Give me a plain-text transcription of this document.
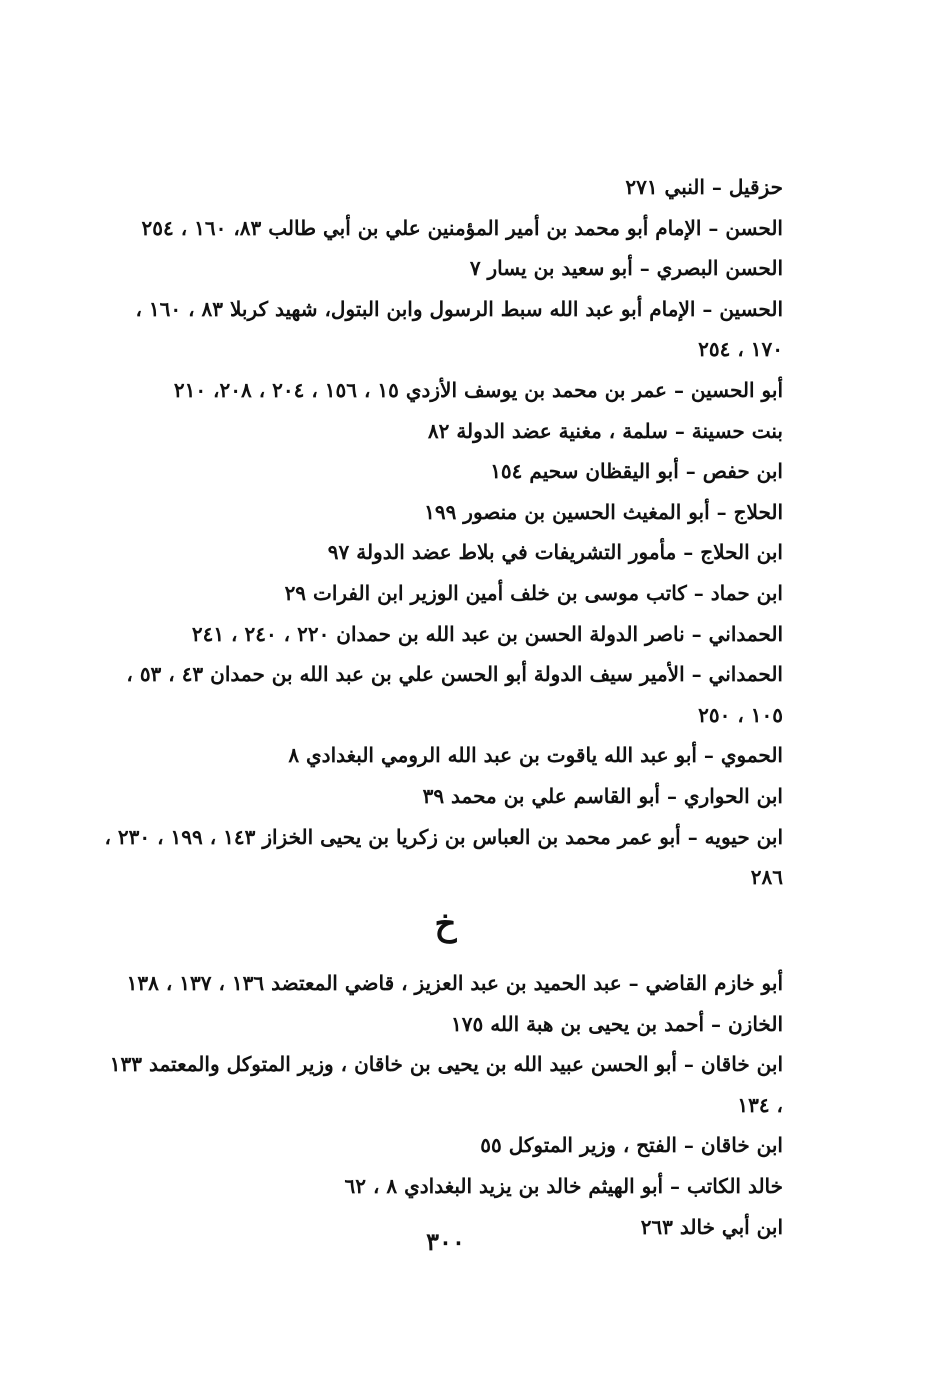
حزقيل – النبي ٢٧١

الحسن – الإمام أبو محمد بن أمير المؤمنين علي بن أبي طالب ٨٣، ١٦٠ ، ٢٥٤

الحسن البصري – أبو سعيد بن يسار ٧

الحسين – الإمام أبو عبد الله سبط الرسول وابن البتول، شهيد كربلا ٨٣ ، ١٦٠ ، ١٧٠ ، ٢٥٤

أبو الحسين – عمر بن محمد بن يوسف الأزدي ١٥ ، ١٥٦ ، ٢٠٤ ، ٢٠٨، ٢١٠

بنت حسينة – سلمة ، مغنية عضد الدولة ٨٢

ابن حفص – أبو اليقظان سحيم ١٥٤

الحلاج – أبو المغيث الحسين بن منصور ١٩٩

ابن الحلاج – مأمور التشريفات في بلاط عضد الدولة ٩٧

ابن حماد – كاتب موسى بن خلف أمين الوزير ابن الفرات ٢٩

الحمداني – ناصر الدولة الحسن بن عبد الله بن حمدان ٢٢٠ ، ٢٤٠ ، ٢٤١

الحمداني – الأمير سيف الدولة أبو الحسن علي بن عبد الله بن حمدان ٤٣ ، ٥٣ ، ١٠٥ ، ٢٥٠

الحموي – أبو عبد الله ياقوت بن عبد الله الرومي البغدادي ٨

ابن الحواري – أبو القاسم علي بن محمد ٣٩

ابن حيويه – أبو عمر محمد بن العباس بن زكريا بن يحيى الخزاز ١٤٣ ، ١٩٩ ، ٢٣٠ ، ٢٨٦

خ

أبو خازم القاضي – عبد الحميد بن عبد العزيز ، قاضي المعتضد ١٣٦ ، ١٣٧ ، ١٣٨

الخازن – أحمد بن يحيى بن هبة الله ١٧٥

ابن خاقان – أبو الحسن عبيد الله بن يحيى بن خاقان ، وزير المتوكل والمعتمد ١٣٣ ، ١٣٤

ابن خاقان – الفتح ، وزير المتوكل ٥٥

خالد الكاتب – أبو الهيثم خالد بن يزيد البغدادي ٨ ، ٦٢

ابن أبي خالد ٢٦٣

٣٠٠
